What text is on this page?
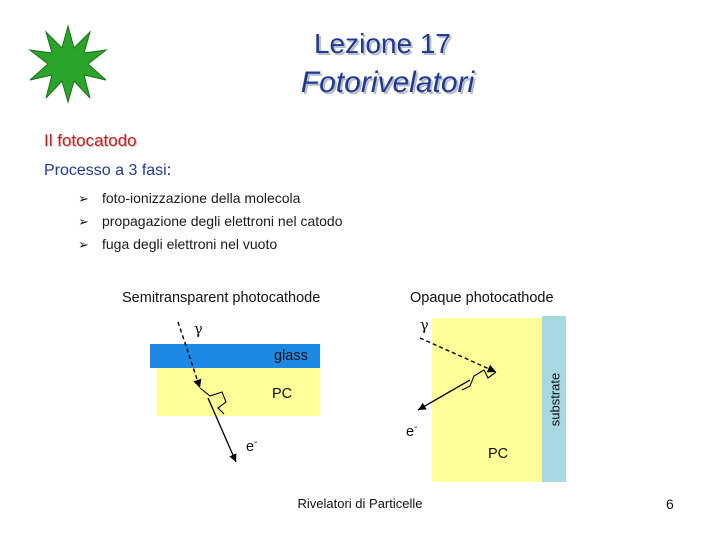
Lezione 17
Fotorivelatori
Il fotocatodo
Processo a 3 fasi:
➢ foto-ionizzazione della molecola
➢ propagazione degli elettroni nel catodo
➢ fuga degli elettroni nel vuoto
Semitransparent photocathode	Opaque photocathode
γ	γ
glass
PC
e-
e-
PC
substrate
Rivelatori di Particelle	6
